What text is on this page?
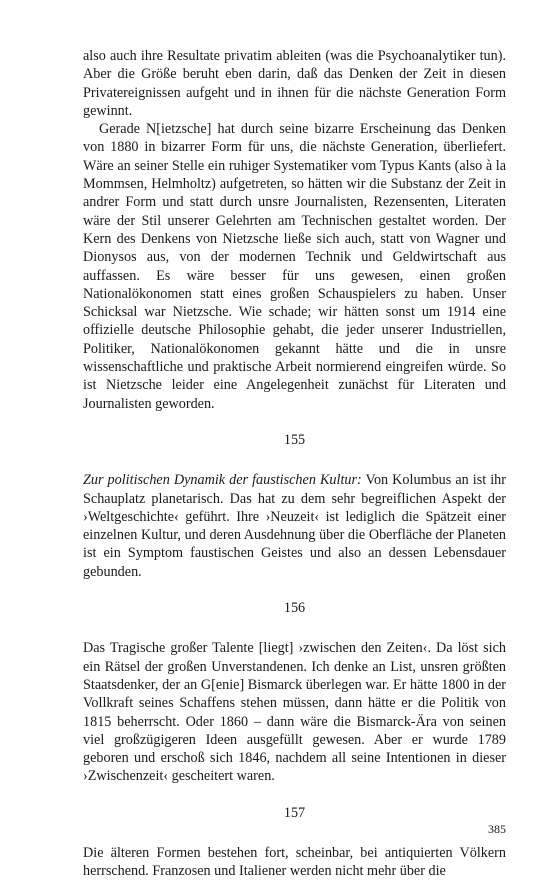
also auch ihre Resultate privatim ableiten (was die Psychoanalytiker tun). Aber die Größe beruht eben darin, daß das Denken der Zeit in diesen Privatereignissen aufgeht und in ihnen für die nächste Generation Form gewinnt.

Gerade N[ietzsche] hat durch seine bizarre Erscheinung das Denken von 1880 in bizarrer Form für uns, die nächste Generation, überliefert. Wäre an seiner Stelle ein ruhiger Systematiker vom Typus Kants (also à la Mommsen, Helmholtz) aufgetreten, so hätten wir die Substanz der Zeit in andrer Form und statt durch unsre Journalisten, Rezensenten, Literaten wäre der Stil unserer Gelehrten am Technischen gestaltet worden. Der Kern des Denkens von Nietzsche ließe sich auch, statt von Wagner und Dionysos aus, von der modernen Technik und Geldwirtschaft aus auffassen. Es wäre besser für uns gewesen, einen großen Nationalökonomen statt eines großen Schauspielers zu haben. Unser Schicksal war Nietzsche. Wie schade; wir hätten sonst um 1914 eine offizielle deutsche Philosophie gehabt, die jeder unserer Industriellen, Politiker, Nationalökonomen gekannt hätte und die in unsre wissenschaftliche und praktische Arbeit normierend eingreifen würde. So ist Nietzsche leider eine Angelegenheit zunächst für Literaten und Journalisten geworden.

155

Zur politischen Dynamik der faustischen Kultur: Von Kolumbus an ist ihr Schauplatz planetarisch. Das hat zu dem sehr begreiflichen Aspekt der ›Weltgeschichte‹ geführt. Ihre ›Neuzeit‹ ist lediglich die Spätzeit einer einzelnen Kultur, und deren Ausdehnung über die Oberfläche der Planeten ist ein Symptom faustischen Geistes und also an dessen Lebensdauer gebunden.

156

Das Tragische großer Talente [liegt] ›zwischen den Zeiten‹. Da löst sich ein Rätsel der großen Unverstandenen. Ich denke an List, unsren größten Staatsdenker, der an G[enie] Bismarck überlegen war. Er hätte 1800 in der Vollkraft seines Schaffens stehen müssen, dann hätte er die Politik von 1815 beherrscht. Oder 1860 – dann wäre die Bismarck-Ära von seinen viel großzügigeren Ideen ausgefüllt gewesen. Aber er wurde 1789 geboren und erschoß sich 1846, nachdem all seine Intentionen in dieser ›Zwischenzeit‹ gescheitert waren.

157

Die älteren Formen bestehen fort, scheinbar, bei antiquierten Völkern herrschend. Franzosen und Italiener werden nicht mehr über die

385
